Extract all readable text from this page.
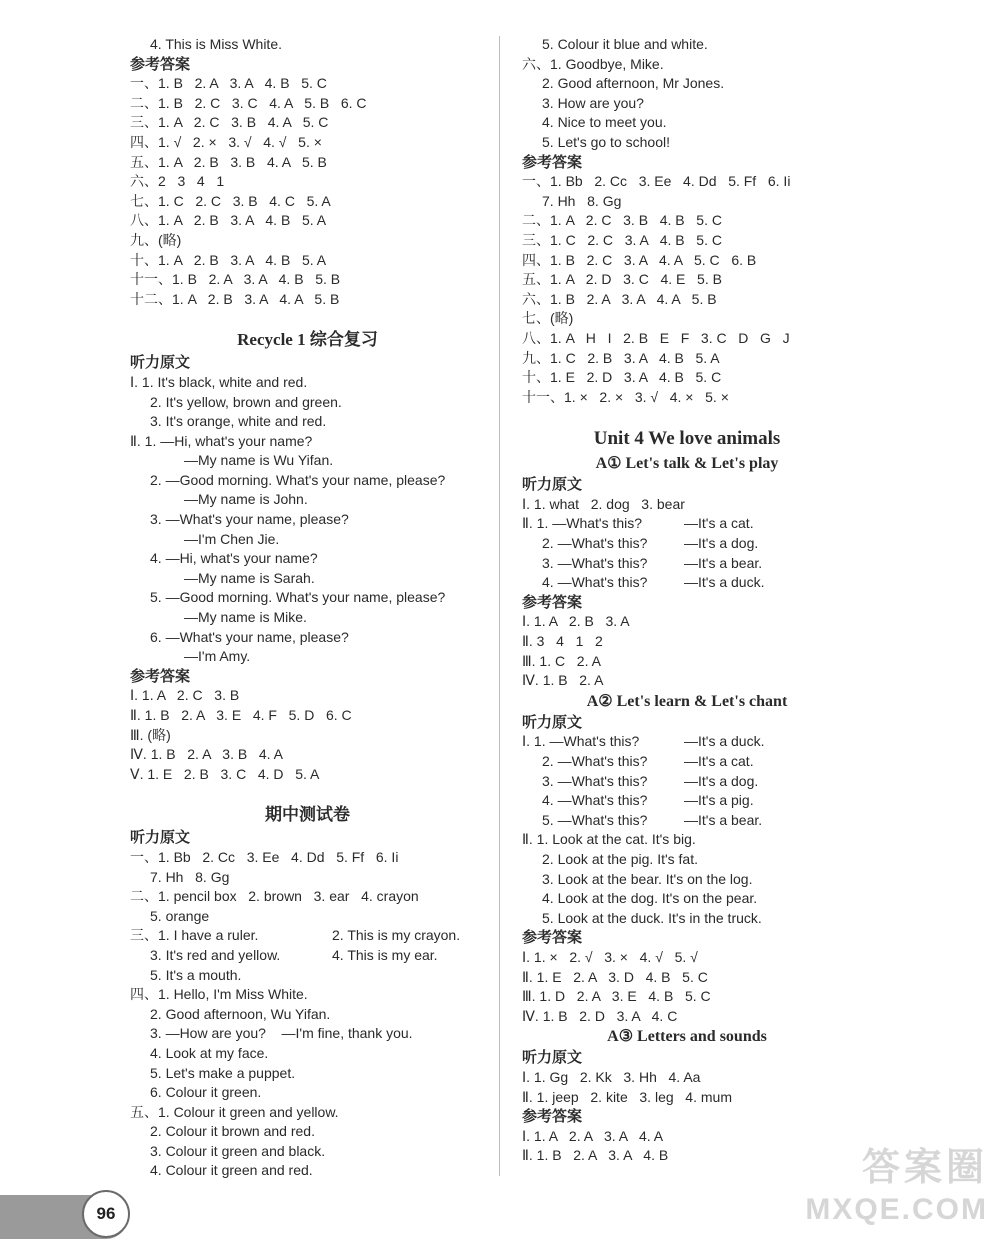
4. This is Miss White.
参考答案
一、1. B   2. A   3. A   4. B   5. C
二、1. B   2. C   3. C   4. A   5. B   6. C
三、1. A   2. C   3. B   4. A   5. C
四、1. √   2. ×   3. √   4. √   5. ×
五、1. A   2. B   3. B   4. A   5. B
六、2   3   4   1
七、1. C   2. C   3. B   4. C   5. A
八、1. A   2. B   3. A   4. B   5. A
九、(略)
十、1. A   2. B   3. A   4. B   5. A
十一、1. B   2. A   3. A   4. B   5. B
十二、1. A   2. B   3. A   4. A   5. B
Recycle 1 综合复习
听力原文
Ⅰ. 1. It's black, white and red.
2. It's yellow, brown and green.
3. It's orange, white and red.
Ⅱ. 1. —Hi, what's your name?
—My name is Wu Yifan.
2. —Good morning. What's your name, please?
—My name is John.
3. —What's your name, please?
—I'm Chen Jie.
4. —Hi, what's your name?
—My name is Sarah.
5. —Good morning. What's your name, please?
—My name is Mike.
6. —What's your name, please?
—I'm Amy.
参考答案
Ⅰ. 1. A   2. C   3. B
Ⅱ. 1. B   2. A   3. E   4. F   5. D   6. C
Ⅲ. (略)
Ⅳ. 1. B   2. A   3. B   4. A
Ⅴ. 1. E   2. B   3. C   4. D   5. A
期中测试卷
听力原文
一、1. Bb   2. Cc   3. Ee   4. Dd   5. Ff   6. Ii
7. Hh   8. Gg
二、1. pencil box   2. brown   3. ear   4. crayon
5. orange
三、1. I have a ruler.	2. This is my crayon.
3. It's red and yellow.	4. This is my ear.
5. It's a mouth.
四、1. Hello, I'm Miss White.
2. Good afternoon, Wu Yifan.
3. —How are you?    —I'm fine, thank you.
4. Look at my face.
5. Let's make a puppet.
6. Colour it green.
五、1. Colour it green and yellow.
2. Colour it brown and red.
3. Colour it green and black.
4. Colour it green and red.
5. Colour it blue and white.
六、1. Goodbye, Mike.
2. Good afternoon, Mr Jones.
3. How are you?
4. Nice to meet you.
5. Let's go to school!
参考答案
一、1. Bb   2. Cc   3. Ee   4. Dd   5. Ff   6. Ii
7. Hh   8. Gg
二、1. A   2. C   3. B   4. B   5. C
三、1. C   2. C   3. A   4. B   5. C
四、1. B   2. C   3. A   4. A   5. C   6. B
五、1. A   2. D   3. C   4. E   5. B
六、1. B   2. A   3. A   4. A   5. B
七、(略)
八、1. A   H   I   2. B   E   F   3. C   D   G   J
九、1. C   2. B   3. A   4. B   5. A
十、1. E   2. D   3. A   4. B   5. C
十一、1. ×   2. ×   3. √   4. ×   5. ×
Unit 4 We love animals
A① Let's talk & Let's play
听力原文
Ⅰ. 1. what   2. dog   3. bear
Ⅱ. 1. —What's this?	—It's a cat.
2. —What's this?	—It's a dog.
3. —What's this?	—It's a bear.
4. —What's this?	—It's a duck.
参考答案
Ⅰ. 1. A   2. B   3. A
Ⅱ. 3   4   1   2
Ⅲ. 1. C   2. A
Ⅳ. 1. B   2. A
A② Let's learn & Let's chant
听力原文
Ⅰ. 1. —What's this?	—It's a duck.
2. —What's this?	—It's a cat.
3. —What's this?	—It's a dog.
4. —What's this?	—It's a pig.
5. —What's this?	—It's a bear.
Ⅱ. 1. Look at the cat. It's big.
2. Look at the pig. It's fat.
3. Look at the bear. It's on the log.
4. Look at the dog. It's on the pear.
5. Look at the duck. It's in the truck.
参考答案
Ⅰ. 1. ×   2. √   3. ×   4. √   5. √
Ⅱ. 1. E   2. A   3. D   4. B   5. C
Ⅲ. 1. D   2. A   3. E   4. B   5. C
Ⅳ. 1. B   2. D   3. A   4. C
A③ Letters and sounds
听力原文
Ⅰ. 1. Gg   2. Kk   3. Hh   4. Aa
Ⅱ. 1. jeep   2. kite   3. leg   4. mum
参考答案
Ⅰ. 1. A   2. A   3. A   4. A
Ⅱ. 1. B   2. A   3. A   4. B
96
答案圈
MXQE.COM
